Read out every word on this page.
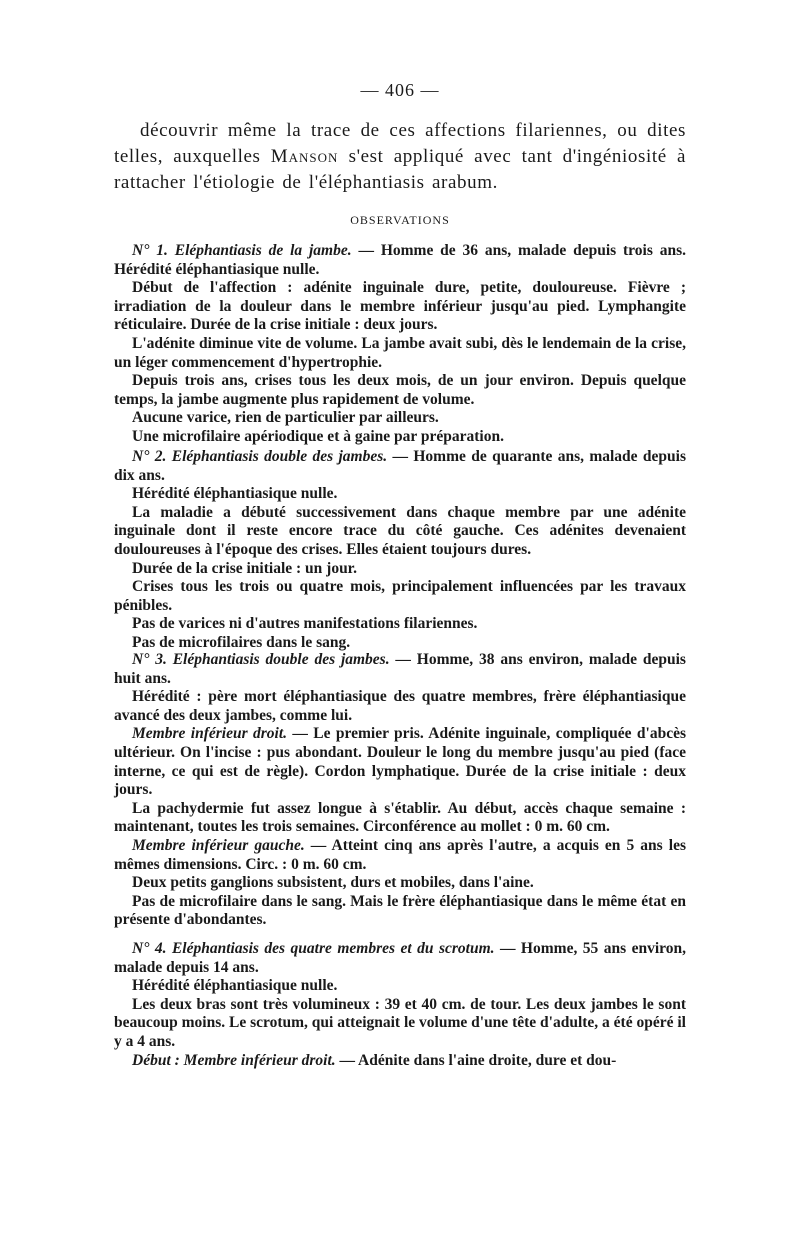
— 406 —

découvrir même la trace de ces affections filariennes, ou dites telles, auxquelles Manson s'est appliqué avec tant d'ingéniosité à rattacher l'étiologie de l'éléphantiasis arabum.

OBSERVATIONS

N° 1. Eléphantiasis de la jambe. — Homme de 36 ans, malade depuis trois ans. Hérédité éléphantiasique nulle.

Début de l'affection : adénite inguinale dure, petite, douloureuse. Fièvre ; irradiation de la douleur dans le membre inférieur jusqu'au pied. Lymphangite réticulaire. Durée de la crise initiale : deux jours.

L'adénite diminue vite de volume. La jambe avait subi, dès le lendemain de la crise, un léger commencement d'hypertrophie.

Depuis trois ans, crises tous les deux mois, de un jour environ. Depuis quelque temps, la jambe augmente plus rapidement de volume.

Aucune varice, rien de particulier par ailleurs.

Une microfilaire apériodique et à gaine par préparation.

N° 2. Eléphantiasis double des jambes. — Homme de quarante ans, malade depuis dix ans.

Hérédité éléphantiasique nulle.

La maladie a débuté successivement dans chaque membre par une adénite inguinale dont il reste encore trace du côté gauche. Ces adénites devenaient douloureuses à l'époque des crises. Elles étaient toujours dures.

Durée de la crise initiale : un jour.

Crises tous les trois ou quatre mois, principalement influencées par les travaux pénibles.

Pas de varices ni d'autres manifestations filariennes.

Pas de microfilaires dans le sang.

N° 3. Eléphantiasis double des jambes. — Homme, 38 ans environ, malade depuis huit ans.

Hérédité : père mort éléphantiasique des quatre membres, frère éléphantiasique avancé des deux jambes, comme lui.

Membre inférieur droit. — Le premier pris. Adénite inguinale, compliquée d'abcès ultérieur. On l'incise : pus abondant. Douleur le long du membre jusqu'au pied (face interne, ce qui est de règle). Cordon lymphatique. Durée de la crise initiale : deux jours.

La pachydermie fut assez longue à s'établir. Au début, accès chaque semaine : maintenant, toutes les trois semaines. Circonférence au mollet : 0 m. 60 cm.

Membre inférieur gauche. — Atteint cinq ans après l'autre, a acquis en 5 ans les mêmes dimensions. Circ. : 0 m. 60 cm.

Deux petits ganglions subsistent, durs et mobiles, dans l'aine.

Pas de microfilaire dans le sang. Mais le frère éléphantiasique dans le même état en présente d'abondantes.

N° 4. Eléphantiasis des quatre membres et du scrotum. — Homme, 55 ans environ, malade depuis 14 ans.

Hérédité éléphantiasique nulle.

Les deux bras sont très volumineux : 39 et 40 cm. de tour. Les deux jambes le sont beaucoup moins. Le scrotum, qui atteignait le volume d'une tête d'adulte, a été opéré il y a 4 ans.

Début : Membre inférieur droit. — Adénite dans l'aine droite, dure et dou-
